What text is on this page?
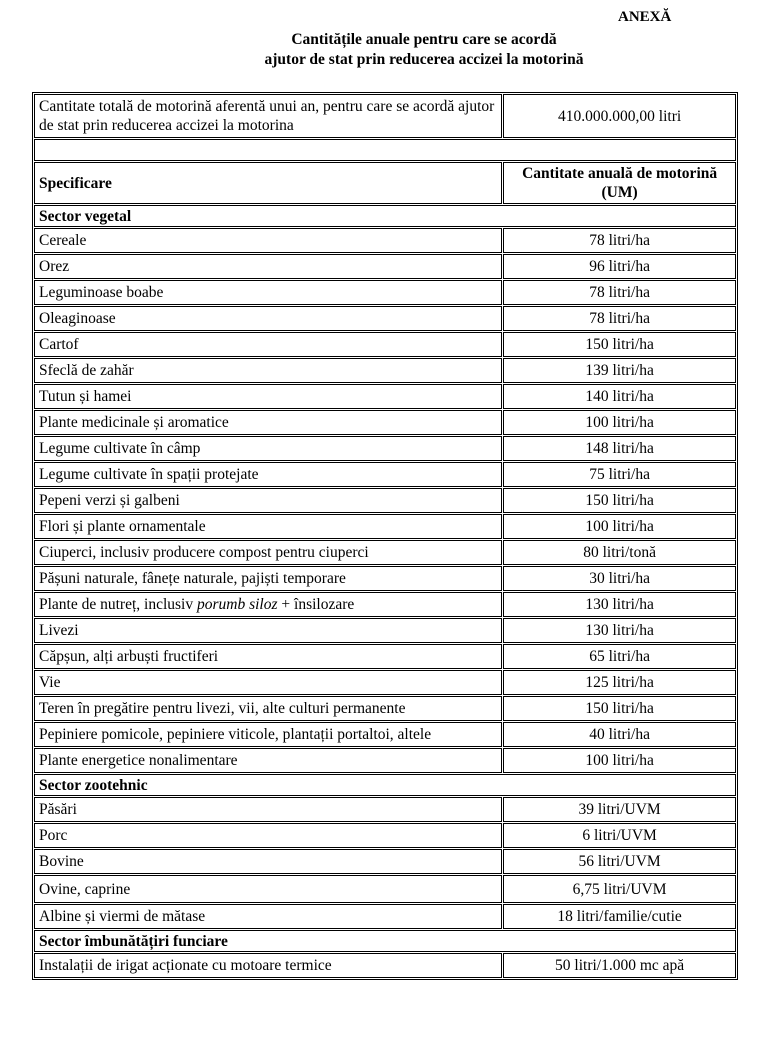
ANEXĂ
Cantitățile anuale pentru care se acordă
ajutor de stat prin reducerea accizei la motorină
Cantitate totală de motorină aferentă unui an, pentru care se acordă ajutor de stat prin reducerea accizei la motorina	410.000.000,00 litri

Specificare	Cantitate anuală de motorină (UM)
Sector vegetal	
Cereale	78 litri/ha
Orez	96 litri/ha
Leguminoase boabe	78 litri/ha
Oleaginoase	78 litri/ha
Cartof	150 litri/ha
Sfeclă de zahăr	139 litri/ha
Tutun și hamei	140 litri/ha
Plante medicinale și aromatice	100 litri/ha
Legume cultivate în câmp	148 litri/ha
Legume cultivate în spații protejate	75 litri/ha
Pepeni verzi și galbeni	150 litri/ha
Flori și plante ornamentale	100 litri/ha
Ciuperci, inclusiv producere compost pentru ciuperci	80 litri/tonă
Pășuni naturale, fânețe naturale, pajiști temporare	30 litri/ha
Plante de nutreț, inclusiv porumb siloz + însilozare	130 litri/ha
Livezi	130 litri/ha
Căpșun, alți arbuști fructiferi	65 litri/ha
Vie	125 litri/ha
Teren în pregătire pentru livezi, vii, alte culturi permanente	150 litri/ha
Pepiniere pomicole, pepiniere viticole, plantații portaltoi, altele	40 litri/ha
Plante energetice nonalimentare	100 litri/ha
Sector zootehnic	
Păsări	39 litri/UVM
Porc	6 litri/UVM
Bovine	56 litri/UVM
Ovine, caprine	6,75 litri/UVM
Albine și viermi de mătase	18 litri/familie/cutie
Sector îmbunătățiri funciare	
Instalații de irigat acționate cu motoare termice	50 litri/1.000 mc apă
